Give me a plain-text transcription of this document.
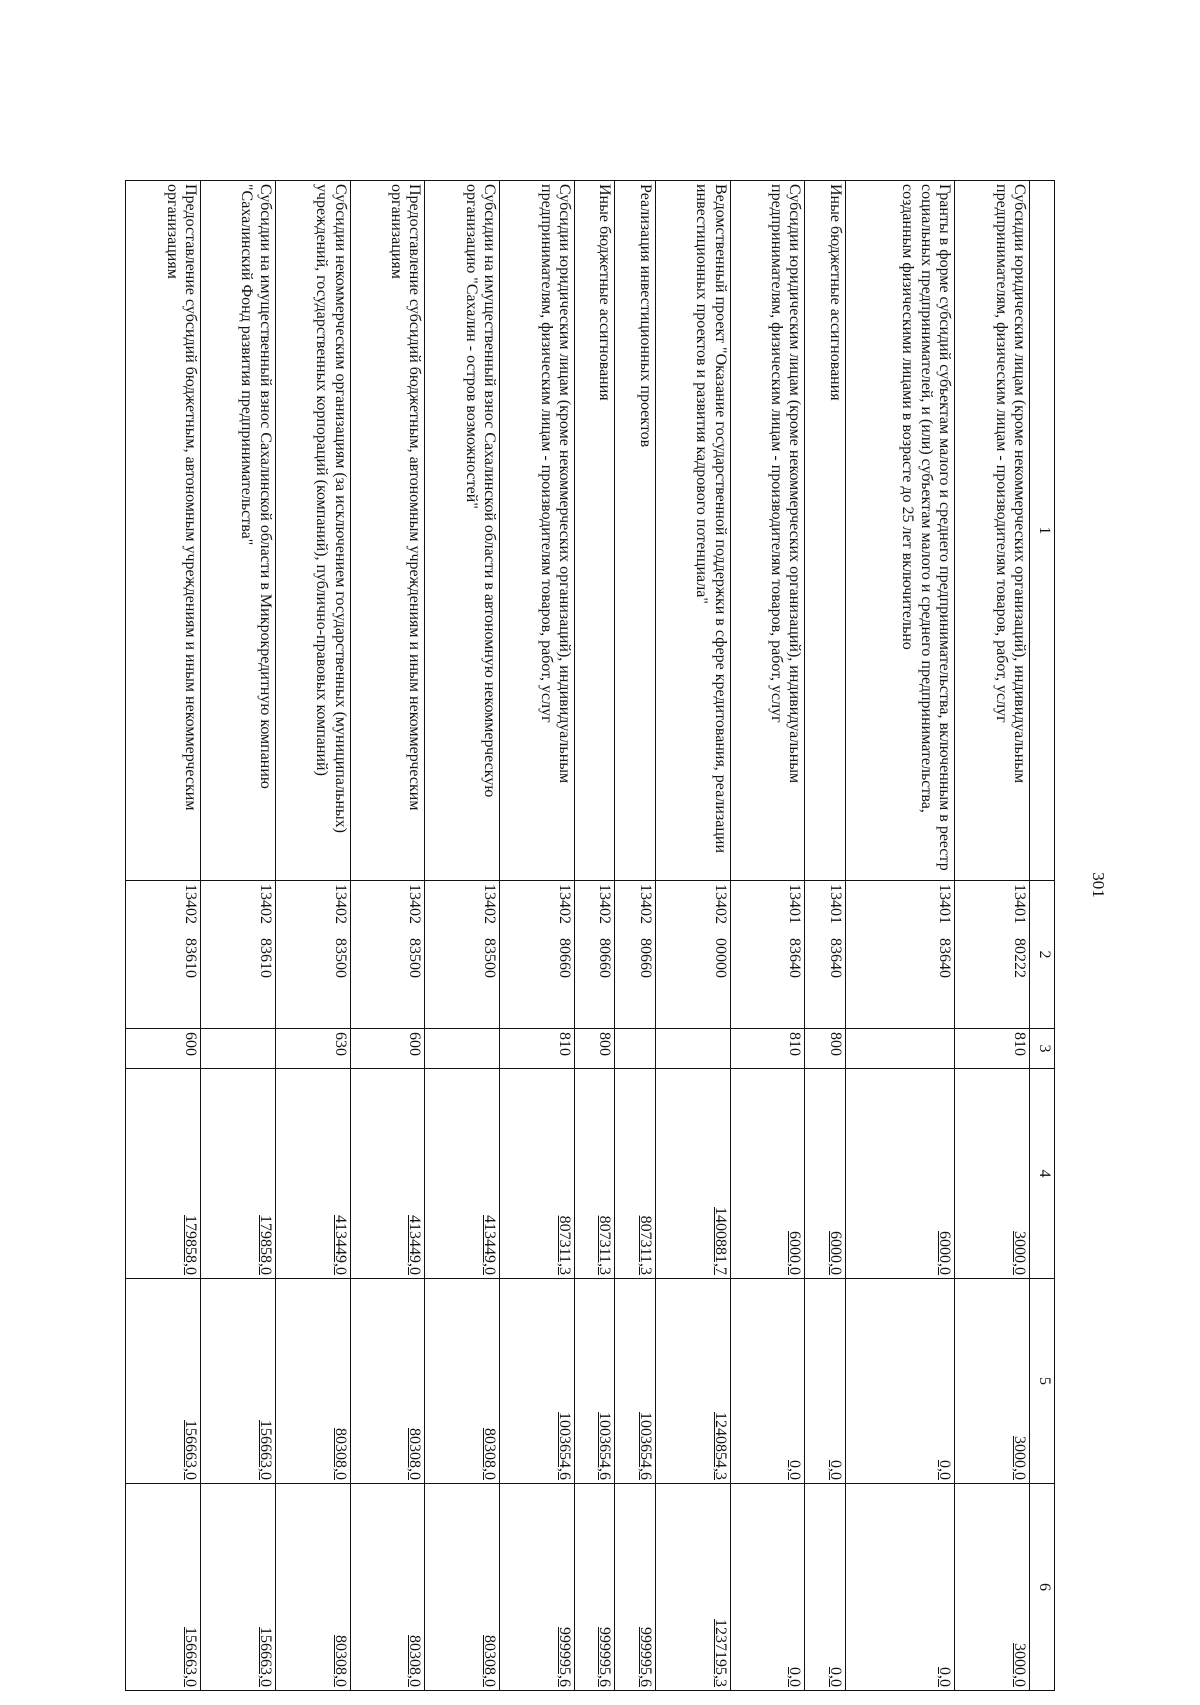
301
1	2	3	4	5	6
Субсидии юридическим лицам (кроме некоммерческих организаций), индивидуальным предпринимателям, физическим лицам - производителям товаров, работ, услуг	1340180222	810	3000,0	3000,0	3000,0
Гранты в форме субсидий субъектам малого и среднего предпринимательства, включенным в реестр социальных предпринимателей, и (или) субъектам малого и среднего предпринимательства, созданным физическими лицами в возрасте до 25 лет включительно	1340183640		6000,0	0,0	0,0
Иные бюджетные ассигнования	1340183640	800	6000,0	0,0	0,0
Субсидии юридическим лицам (кроме некоммерческих организаций), индивидуальным предпринимателям, физическим лицам - производителям товаров, работ, услуг	1340183640	810	6000,0	0,0	0,0
Ведомственный проект "Оказание государственной поддержки в сфере кредитования, реализации инвестиционных проектов и развития кадрового потенциала"	1340200000		1400881,7	1240854,3	1237195,3
Реализация инвестиционных проектов	1340280660		807311,3	1003654,6	999995,6
Иные бюджетные ассигнования	1340280660	800	807311,3	1003654,6	999995,6
Субсидии юридическим лицам (кроме некоммерческих организаций), индивидуальным предпринимателям, физическим лицам - производителям товаров, работ, услуг	1340280660	810	807311,3	1003654,6	999995,6
Субсидии на имущественный взнос Сахалинской области в автономную некоммерческую организацию "Сахалин - остров возможностей"	1340283500		413449,0	80308,0	80308,0
Предоставление субсидий бюджетным, автономным учреждениям и иным некоммерческим организациям	1340283500	600	413449,0	80308,0	80308,0
Субсидии некоммерческим организациям (за исключением государственных (муниципальных) учреждений, государственных корпораций (компаний), публично-правовых компаний)	1340283500	630	413449,0	80308,0	80308,0
Субсидии на имущественный взнос Сахалинской области в Микрокредитную компанию "Сахалинский Фонд развития предпринимательства"	1340283610		179858,0	156663,0	156663,0
Предоставление субсидий бюджетным, автономным учреждениям и иным некоммерческим организациям	1340283610	600	179858,0	156663,0	156663,0
